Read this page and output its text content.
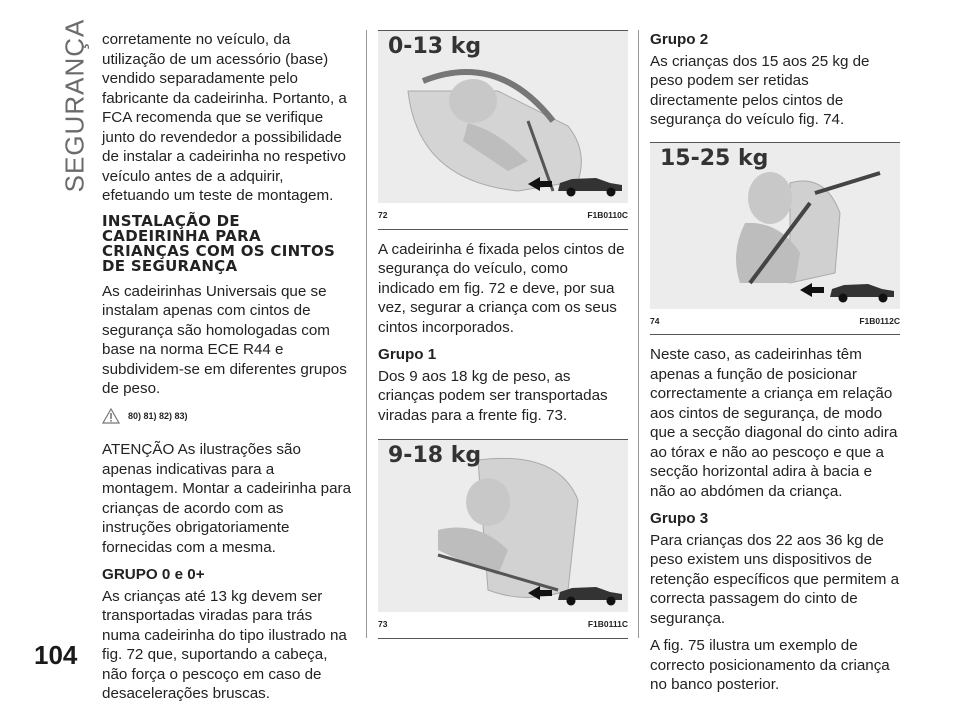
SEGURANÇA
104

corretamente no veículo, da utilização de um acessório (base) vendido separadamente pelo fabricante da cadeirinha. Portanto, a FCA recomenda que se verifique junto do revendedor a possibilidade de instalar a cadeirinha no respetivo veículo antes de a adquirir, efetuando um teste de montagem.

INSTALAÇÃO DE CADEIRINHA PARA CRIANÇAS COM OS CINTOS DE SEGURANÇA

As cadeirinhas Universais que se instalam apenas com cintos de segurança são homologadas com base na norma ECE R44 e subdividem-se em diferentes grupos de peso.

80) 81) 82) 83)

ATENÇÃO As ilustrações são apenas indicativas para a montagem. Montar a cadeirinha para crianças de acordo com as instruções obrigatoriamente fornecidas com a mesma.

GRUPO 0 e 0+

As crianças até 13 kg devem ser transportadas viradas para trás numa cadeirinha do tipo ilustrado na fig. 72 que, suportando a cabeça, não força o pescoço em caso de desacelerações bruscas.

0-13 kg
72	F1B0110C

A cadeirinha é fixada pelos cintos de segurança do veículo, como indicado em fig. 72 e deve, por sua vez, segurar a criança com os seus cintos incorporados.

Grupo 1

Dos 9 aos 18 kg de peso, as crianças podem ser transportadas viradas para a frente fig. 73.

9-18 kg
73	F1B0111C
Grupo 2

As crianças dos 15 aos 25 kg de peso podem ser retidas directamente pelos cintos de segurança do veículo fig. 74.

15-25 kg
74	F1B0112C

Neste caso, as cadeirinhas têm apenas a função de posicionar correctamente a criança em relação aos cintos de segurança, de modo que a secção diagonal do cinto adira ao tórax e não ao pescoço e que a secção horizontal adira à bacia e não ao abdómen da criança.

Grupo 3

Para crianças dos 22 aos 36 kg de peso existem uns dispositivos de retenção específicos que permitem a correcta passagem do cinto de segurança.

A fig. 75 ilustra um exemplo de correcto posicionamento da criança no banco posterior.
